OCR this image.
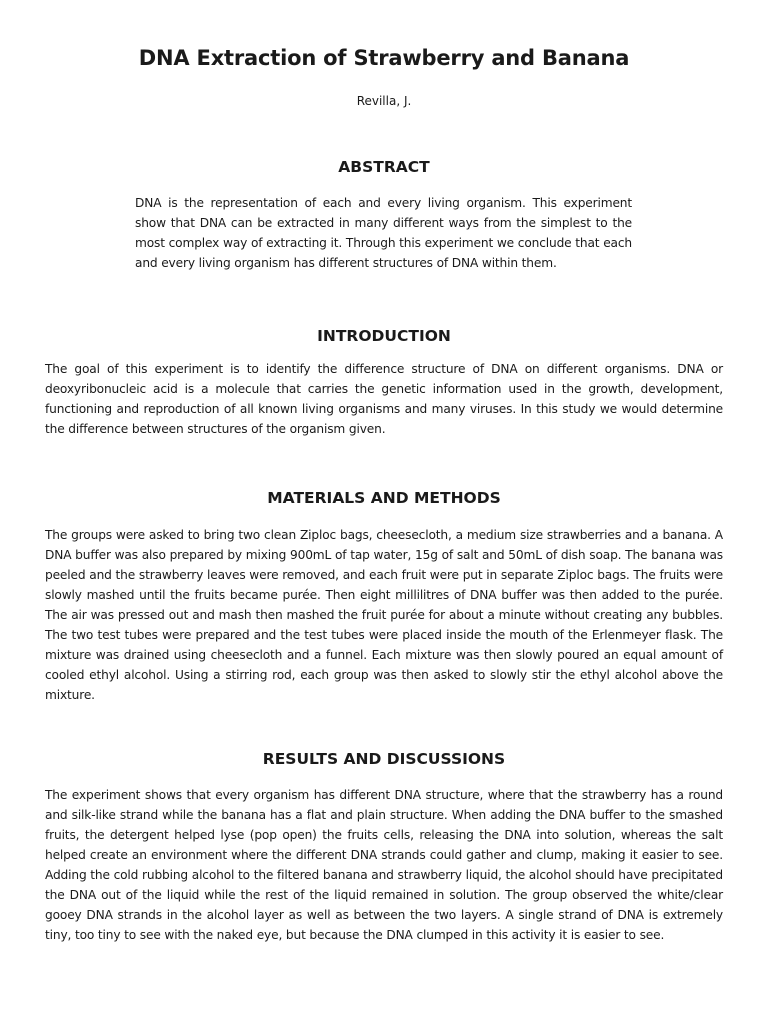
DNA Extraction of Strawberry and Banana
Revilla, J.
ABSTRACT

DNA is the representation of each and every living organism. This experiment show that DNA can be extracted in many different ways from the simplest to the most complex way of extracting it. Through this experiment we conclude that each and every living organism has different structures of DNA within them.

INTRODUCTION

The goal of this experiment is to identify the difference structure of DNA on different organisms. DNA or deoxyribonucleic acid is a molecule that carries the genetic information used in the growth, development, functioning and reproduction of all known living organisms and many viruses. In this study we would determine the difference between structures of the organism given.

MATERIALS AND METHODS

The groups were asked to bring two clean Ziploc bags, cheesecloth, a medium size strawberries and a banana. A DNA buffer was also prepared by mixing 900mL of tap water, 15g of salt and 50mL of dish soap. The banana was peeled and the strawberry leaves were removed, and each fruit were put in separate Ziploc bags. The fruits were slowly mashed until the fruits became purée. Then eight millilitres of DNA buffer was then added to the purée. The air was pressed out and mash then mashed the fruit purée for about a minute without creating any bubbles. The two test tubes were prepared and the test tubes were placed inside the mouth of the Erlenmeyer flask. The mixture was drained using cheesecloth and a funnel. Each mixture was then slowly poured an equal amount of cooled ethyl alcohol. Using a stirring rod, each group was then asked to slowly stir the ethyl alcohol above the mixture.

RESULTS AND DISCUSSIONS

The experiment shows that every organism has different DNA structure, where that the strawberry has a round and silk-like strand while the banana has a flat and plain structure. When adding the DNA buffer to the smashed fruits, the detergent helped lyse (pop open) the fruits cells, releasing the DNA into solution, whereas the salt helped create an environment where the different DNA strands could gather and clump, making it easier to see. Adding the cold rubbing alcohol to the filtered banana and strawberry liquid, the alcohol should have precipitated the DNA out of the liquid while the rest of the liquid remained in solution. The group observed the white/clear gooey DNA strands in the alcohol layer as well as between the two layers. A single strand of DNA is extremely tiny, too tiny to see with the naked eye, but because the DNA clumped in this activity it is easier to see.
